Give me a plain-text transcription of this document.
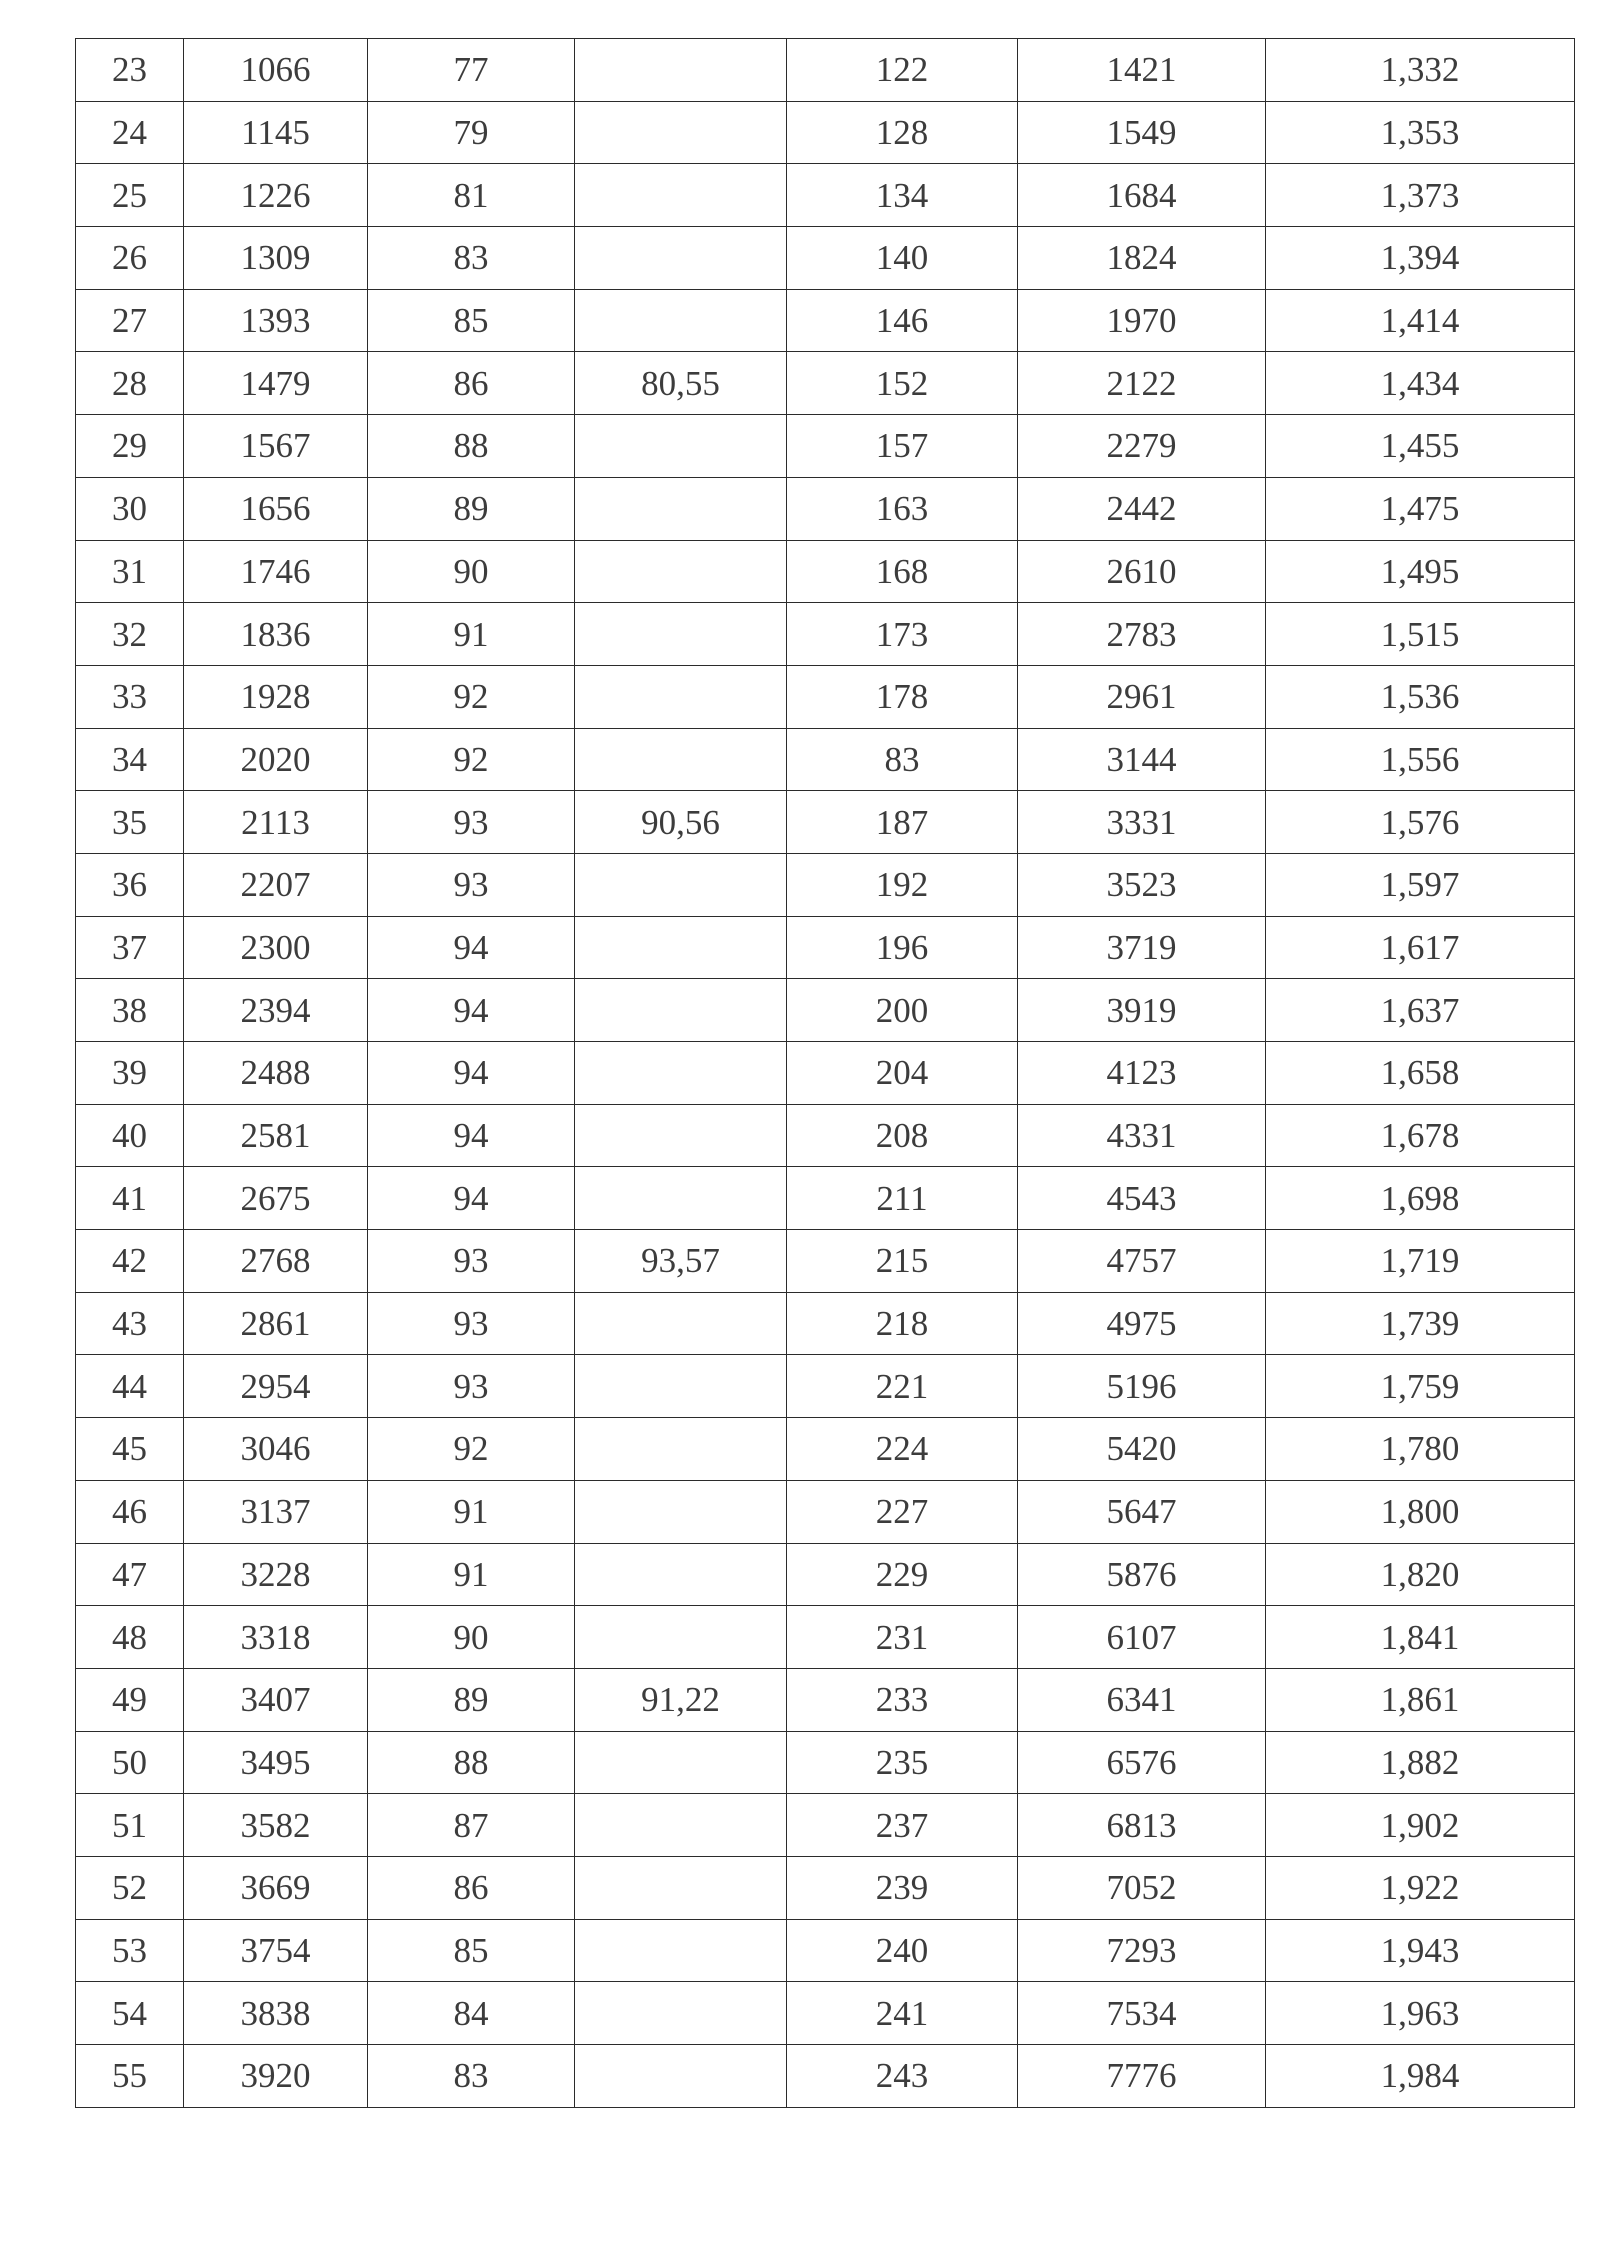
23	1066	77		122	1421	1,332
24	1145	79		128	1549	1,353
25	1226	81		134	1684	1,373
26	1309	83		140	1824	1,394
27	1393	85		146	1970	1,414
28	1479	86	80,55	152	2122	1,434
29	1567	88		157	2279	1,455
30	1656	89		163	2442	1,475
31	1746	90		168	2610	1,495
32	1836	91		173	2783	1,515
33	1928	92		178	2961	1,536
34	2020	92		83	3144	1,556
35	2113	93	90,56	187	3331	1,576
36	2207	93		192	3523	1,597
37	2300	94		196	3719	1,617
38	2394	94		200	3919	1,637
39	2488	94		204	4123	1,658
40	2581	94		208	4331	1,678
41	2675	94		211	4543	1,698
42	2768	93	93,57	215	4757	1,719
43	2861	93		218	4975	1,739
44	2954	93		221	5196	1,759
45	3046	92		224	5420	1,780
46	3137	91		227	5647	1,800
47	3228	91		229	5876	1,820
48	3318	90		231	6107	1,841
49	3407	89	91,22	233	6341	1,861
50	3495	88		235	6576	1,882
51	3582	87		237	6813	1,902
52	3669	86		239	7052	1,922
53	3754	85		240	7293	1,943
54	3838	84		241	7534	1,963
55	3920	83		243	7776	1,984
